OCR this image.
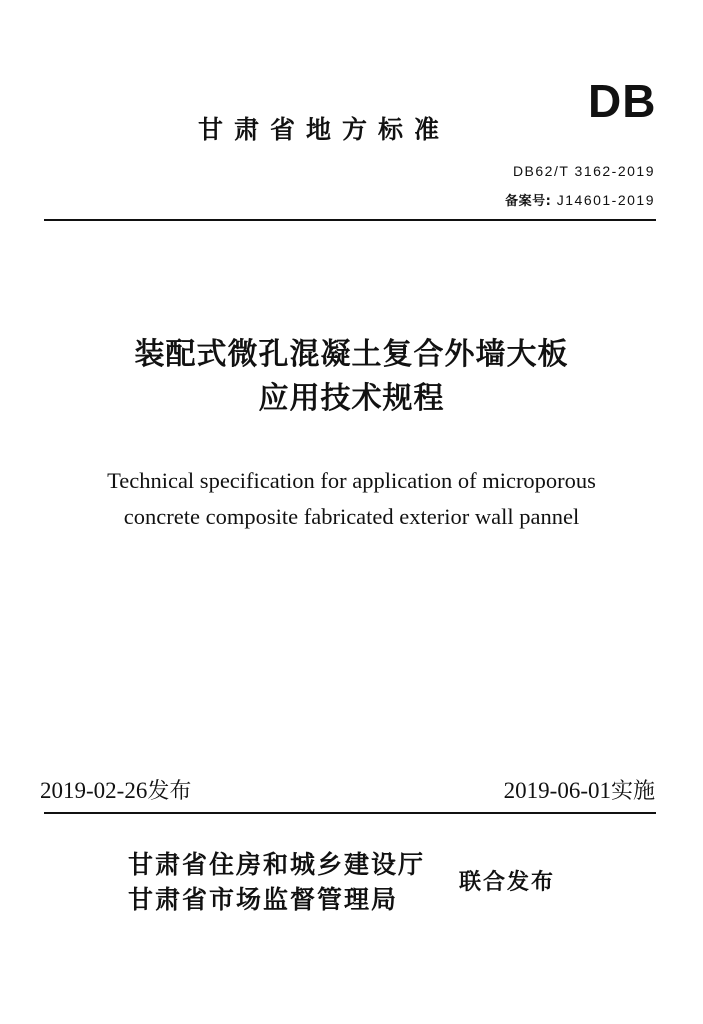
DB
甘肃省地方标准
DB62/T 3162-2019
备案号: J14601-2019
装配式微孔混凝土复合外墙大板
应用技术规程
Technical specification for application of microporous
concrete composite fabricated exterior wall pannel
2019-02-26发布	2019-06-01实施
甘肃省住房和城乡建设厅
甘肃省市场监督管理局
联合发布
